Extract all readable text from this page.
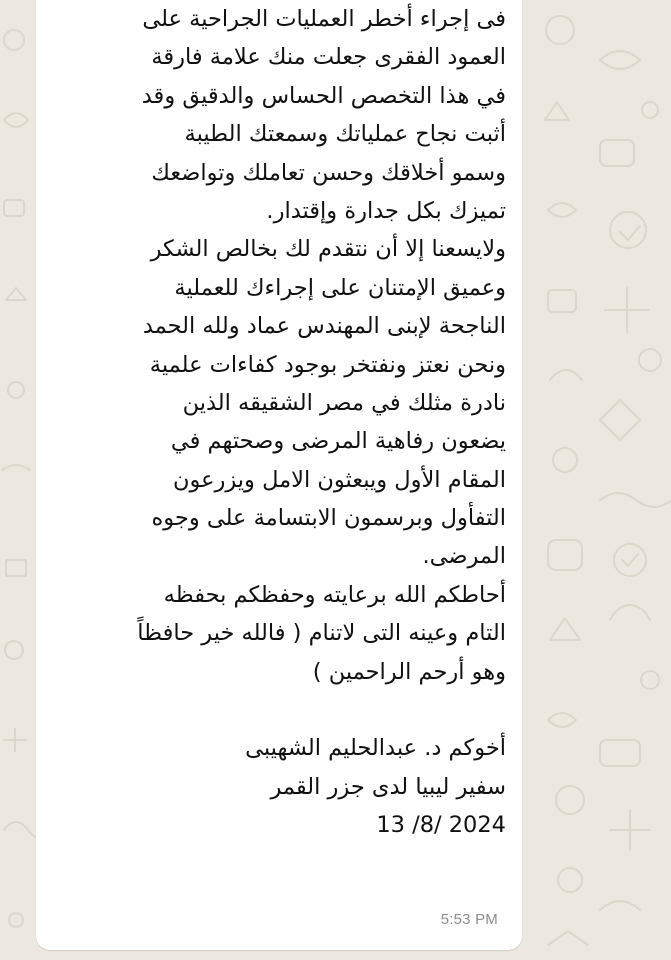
فى إجراء أخطر العمليات الجراحية على
العمود الفقرى جعلت منك علامة فارقة
في هذا التخصص الحساس والدقيق وقد
أثبت نجاح عملياتك وسمعتك الطيبة
وسمو أخلاقك وحسن تعاملك وتواضعك
تميزك بكل جدارة وإقتدار.
ولايسعنا إلا أن نتقدم لك بخالص الشكر
وعميق الإمتنان على إجراءك للعملية
الناجحة لإبنى المهندس عماد ولله الحمد
ونحن نعتز ونفتخر بوجود كفاءات علمية
نادرة مثلك في مصر الشقيقه الذين
يضعون رفاهية المرضى وصحتهم في
المقام الأول ويبعثون الامل ويزرعون
التفأول وبرسمون الابتسامة على وجوه
المرضى.
أحاطكم الله برعايته وحفظكم بحفظه
التام وعينه التى لاتنام ( فالله خير حافظاً
وهو أرحم الراحمين )
أخوكم د. عبدالحليم الشهيبى
سفير ليبيا لدى جزر القمر
13 /8/ 2024
5:53 PM
